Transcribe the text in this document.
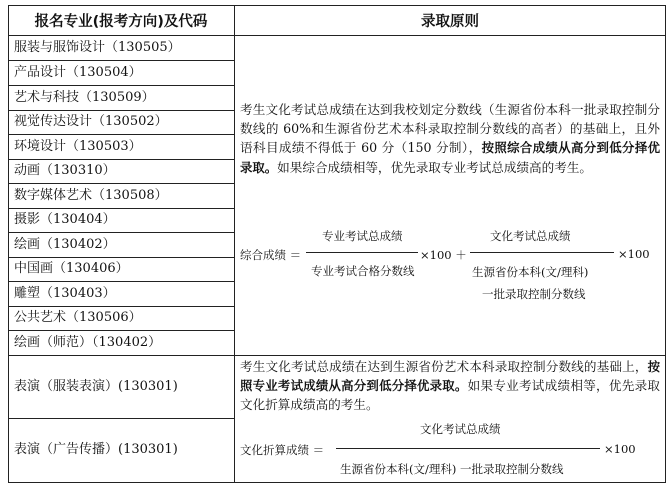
报名专业(报考方向)及代码	录取原则
服装与服饰设计（130505）
产品设计（130504）
艺术与科技（130509）
视觉传达设计（130502）
环境设计（130503）
动画（130310）
数字媒体艺术（130508）
摄影（130404）
绘画（130402）
中国画（130406）
雕塑（130403）
公共艺术（130506）
绘画（师范）（130402）
考生文化考试总成绩在达到我校划定分数线（生源省份本科一批录取控制分数线的 60%和生源省份艺术本科录取控制分数线的高者）的基础上，且外语科目成绩不得低于 60 分（150 分制），按照综合成绩从高分到低分择优录取。如果综合成绩相等，优先录取专业考试总成绩高的考生。
综合成绩 ＝
专业考试总成绩
专业考试合格分数线
×100 ＋
文化考试总成绩
生源省份本科(文/理科)
一批录取控制分数线
×100
表演（服装表演）(130301)
表演（广告传播）(130301)
考生文化考试总成绩在达到生源省份艺术本科录取控制分数线的基础上，按照专业考试成绩从高分到低分择优录取。如果专业考试成绩相等，优先录取文化折算成绩高的考生。
文化折算成绩 ＝
文化考试总成绩
生源省份本科(文/理科) 一批录取控制分数线
×100
